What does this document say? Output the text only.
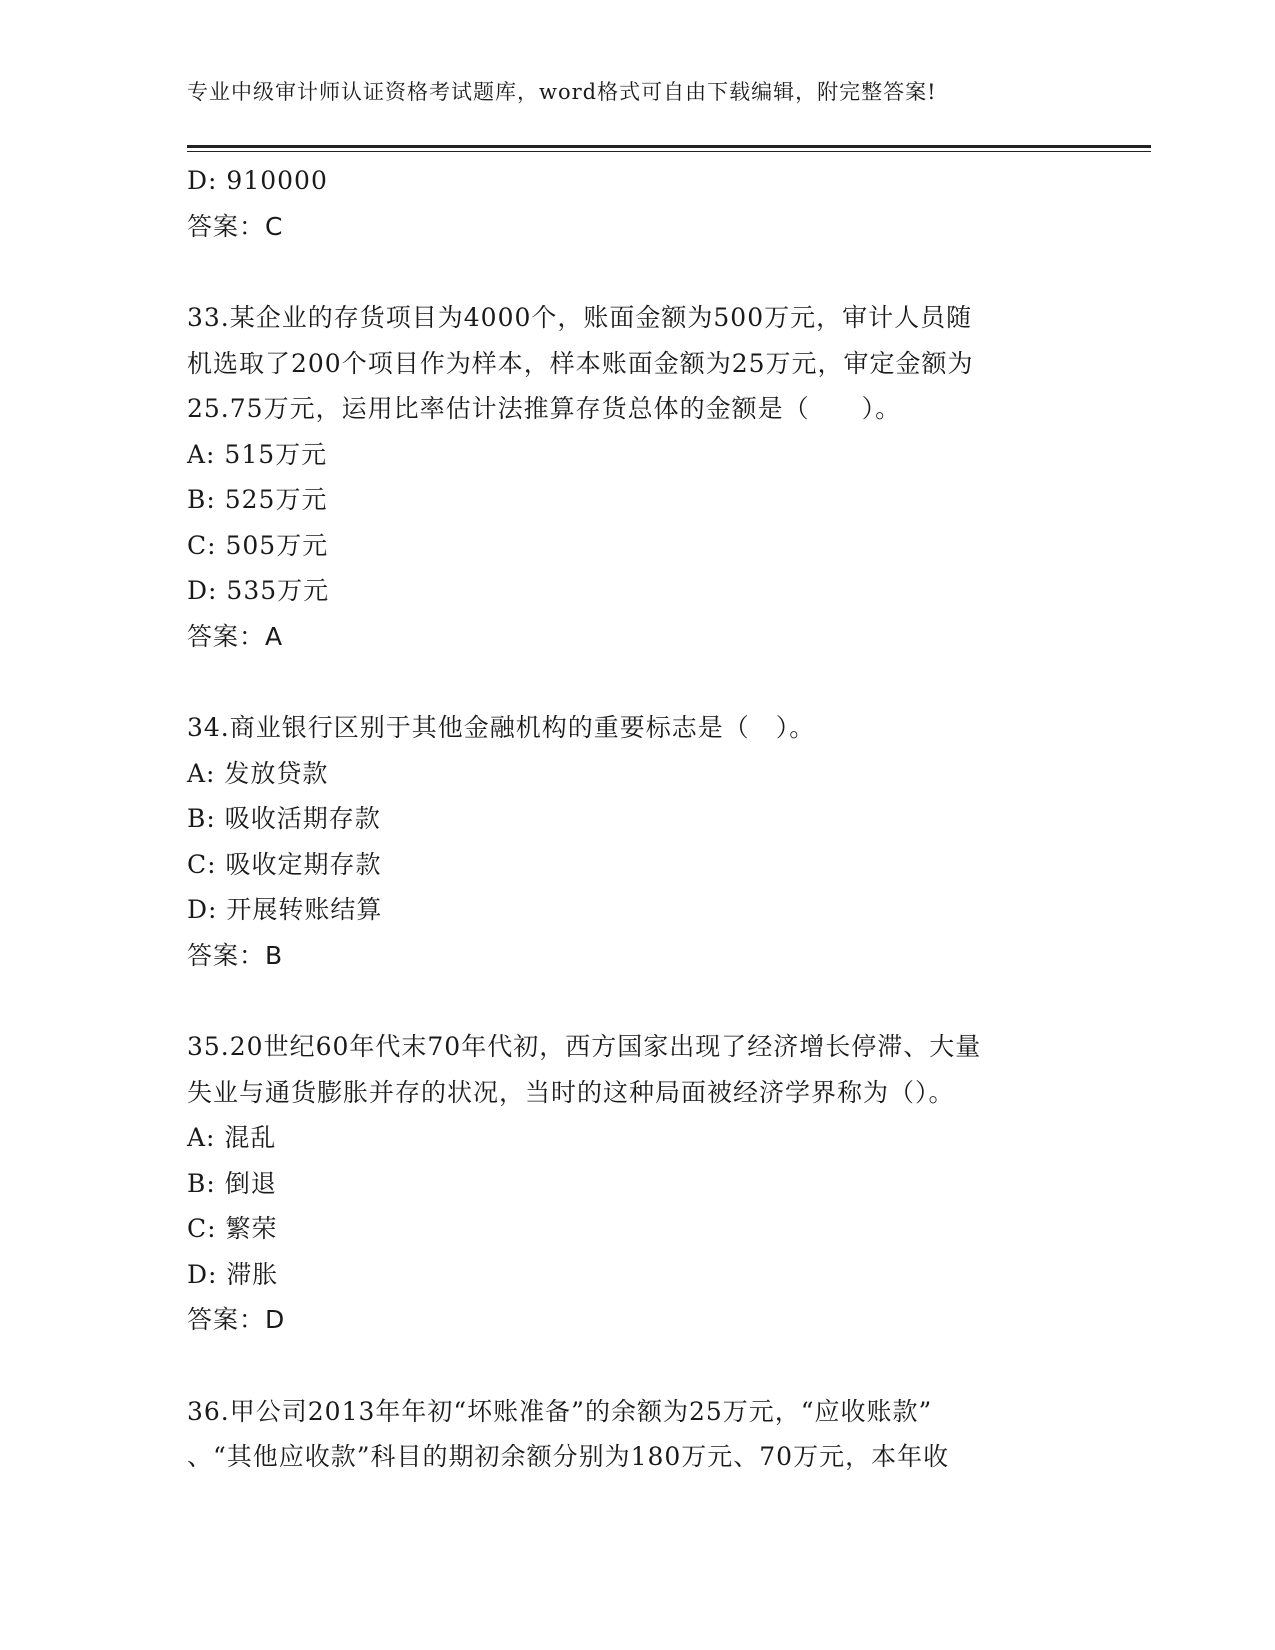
专业中级审计师认证资格考试题库，word格式可自由下载编辑，附完整答案!
D: 910000
答案：C
33.某企业的存货项目为4000个，账面金额为500万元，审计人员随
机选取了200个项目作为样本，样本账面金额为25万元，审定金额为
25.75万元，运用比率估计法推算存货总体的金额是（　　）。
A: 515万元
B: 525万元
C: 505万元
D: 535万元
答案：A
34.商业银行区别于其他金融机构的重要标志是（　）。
A: 发放贷款
B: 吸收活期存款
C: 吸收定期存款
D: 开展转账结算
答案：B
35.20世纪60年代末70年代初，西方国家出现了经济增长停滞、大量
失业与通货膨胀并存的状况，当时的这种局面被经济学界称为（）。
A: 混乱
B: 倒退
C: 繁荣
D: 滞胀
答案：D
36.甲公司2013年年初“坏账准备”的余额为25万元，“应收账款”
、“其他应收款”科目的期初余额分别为180万元、70万元，本年收
